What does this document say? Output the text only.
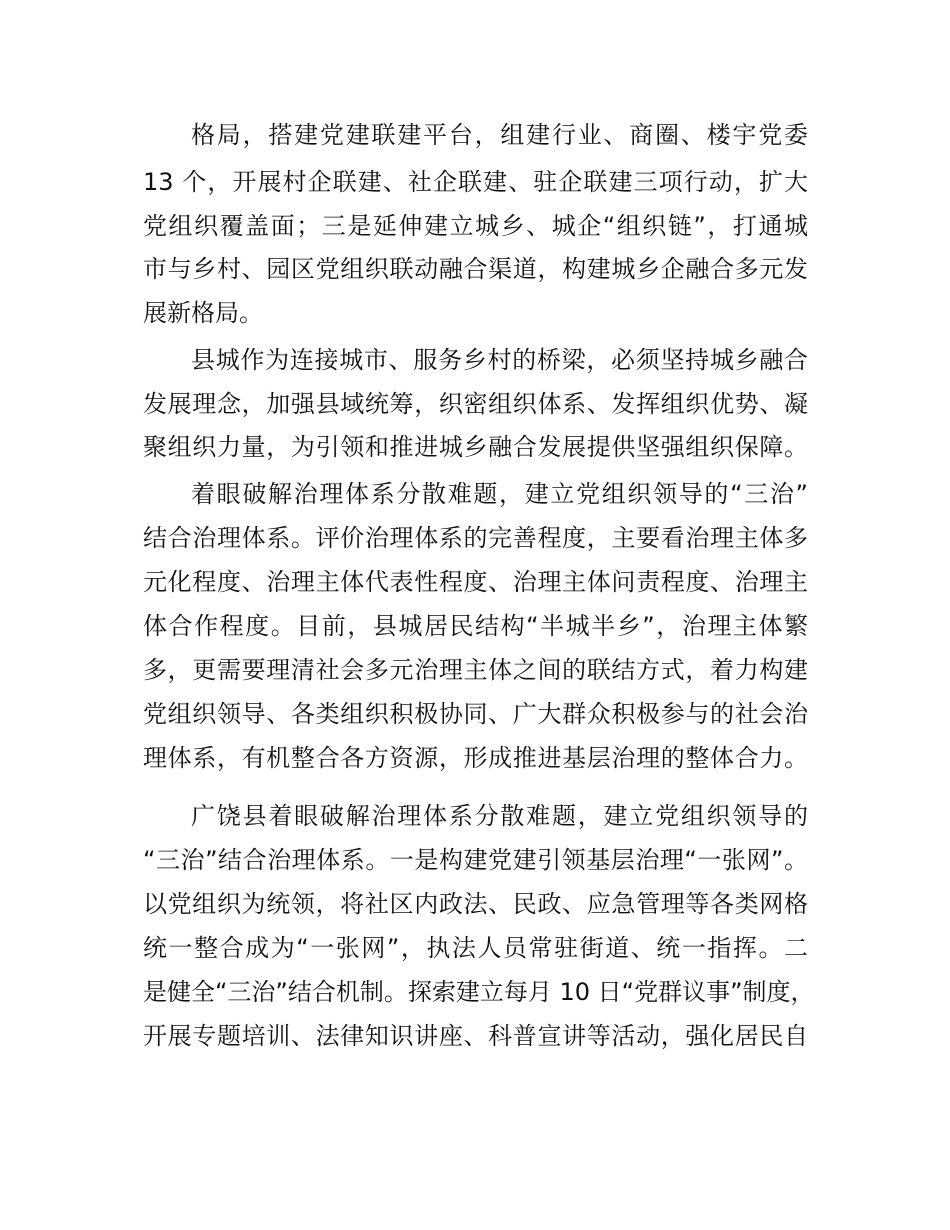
格局，搭建党建联建平台，组建行业、商圈、楼宇党委
13 个，开展村企联建、社企联建、驻企联建三项行动，扩大
党组织覆盖面；三是延伸建立城乡、城企“组织链”，打通城
市与乡村、园区党组织联动融合渠道，构建城乡企融合多元发
展新格局。
县城作为连接城市、服务乡村的桥梁，必须坚持城乡融合
发展理念，加强县域统筹，织密组织体系、发挥组织优势、凝
聚组织力量，为引领和推进城乡融合发展提供坚强组织保障。
着眼破解治理体系分散难题，建立党组织领导的“三治”
结合治理体系。评价治理体系的完善程度，主要看治理主体多
元化程度、治理主体代表性程度、治理主体问责程度、治理主
体合作程度。目前，县城居民结构“半城半乡”，治理主体繁
多，更需要理清社会多元治理主体之间的联结方式，着力构建
党组织领导、各类组织积极协同、广大群众积极参与的社会治
理体系，有机整合各方资源，形成推进基层治理的整体合力。
广饶县着眼破解治理体系分散难题，建立党组织领导的
“三治”结合治理体系。一是构建党建引领基层治理“一张网”。
以党组织为统领，将社区内政法、民政、应急管理等各类网格
统一整合成为“一张网”，执法人员常驻街道、统一指挥。二
是健全“三治”结合机制。探索建立每月 10 日“党群议事”制度，
开展专题培训、法律知识讲座、科普宣讲等活动，强化居民自
